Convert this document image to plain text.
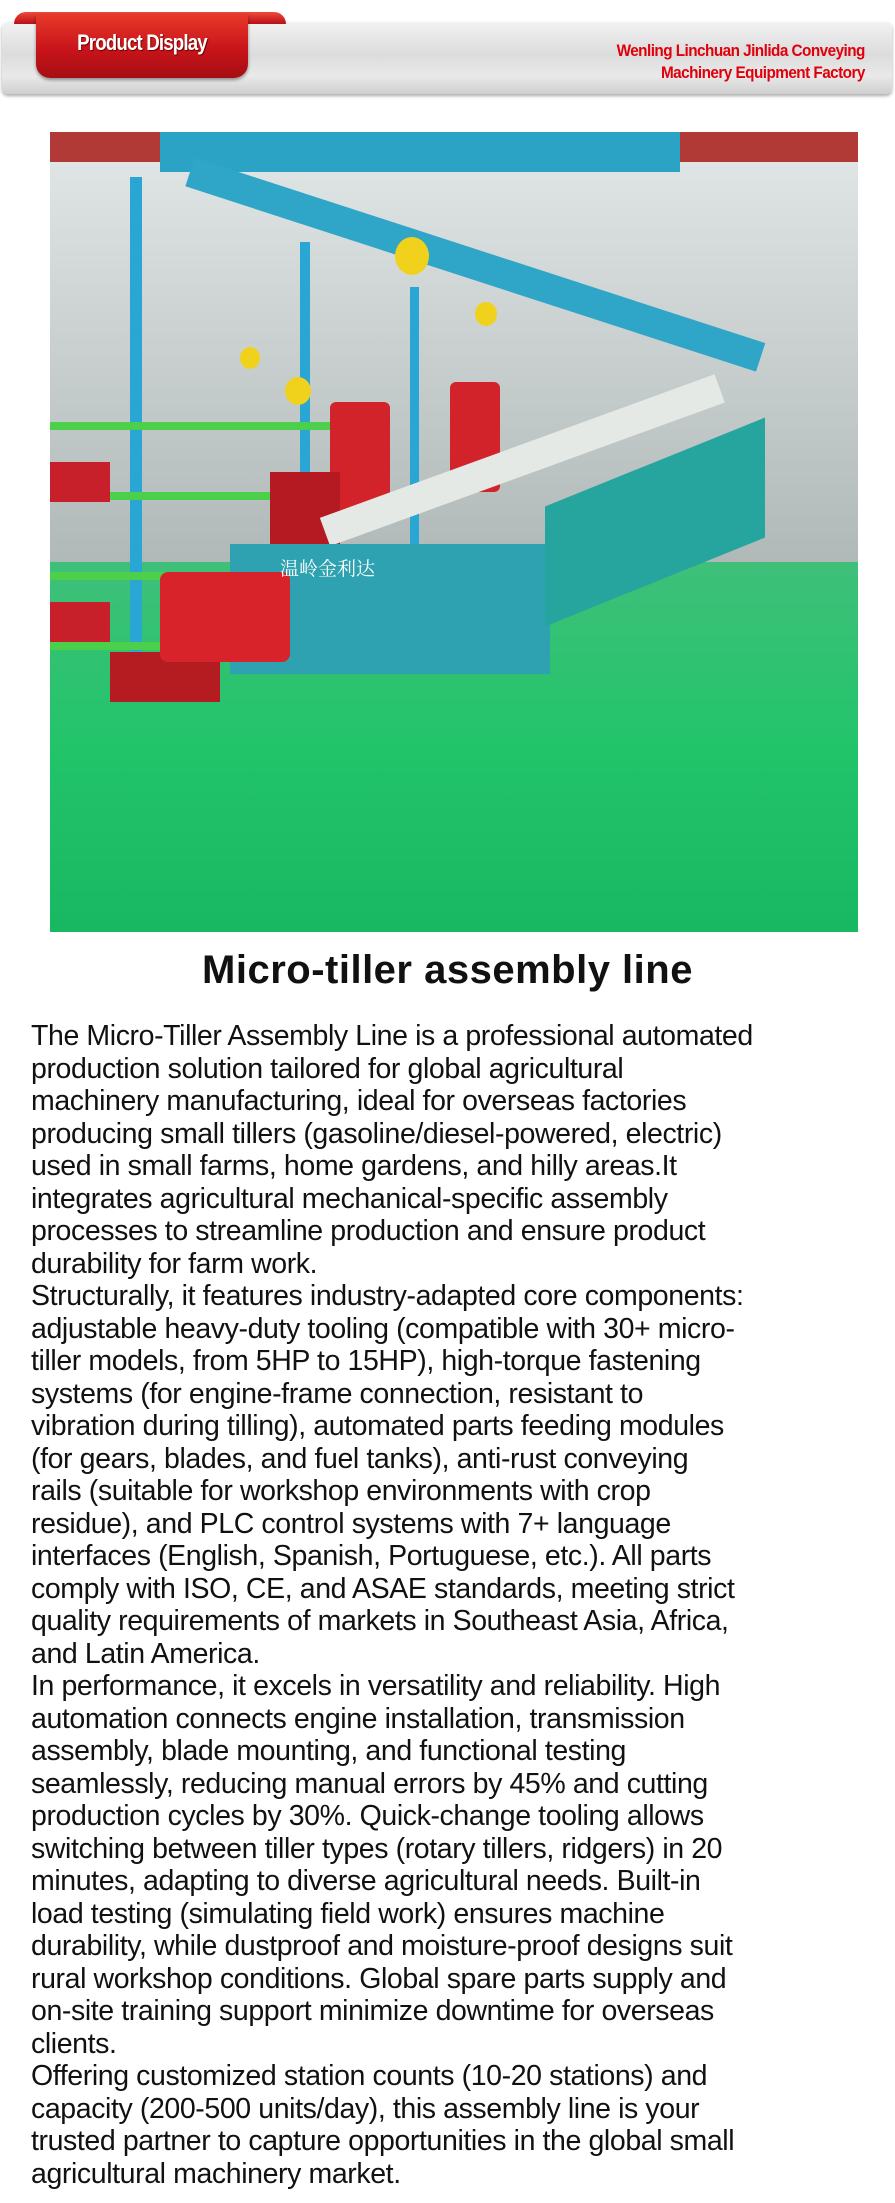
Product Display	Wenling Linchuan Jinlida Conveying
Machinery Equipment Factory
温岭金利达
Micro-tiller assembly line
The Micro-Tiller Assembly Line is a professional automated
production solution tailored for global agricultural
machinery manufacturing, ideal for overseas factories
producing small tillers (gasoline/diesel-powered, electric)
used in small farms, home gardens, and hilly areas.It
integrates agricultural mechanical-specific assembly
processes to streamline production and ensure product
durability for farm work.
Structurally, it features industry-adapted core components:
adjustable heavy-duty tooling (compatible with 30+ micro-
tiller models, from 5HP to 15HP), high-torque fastening
systems (for engine-frame connection, resistant to
vibration during tilling), automated parts feeding modules
(for gears, blades, and fuel tanks), anti-rust conveying
rails (suitable for workshop environments with crop
residue), and PLC control systems with 7+ language
interfaces (English, Spanish, Portuguese, etc.). All parts
comply with ISO, CE, and ASAE standards, meeting strict
quality requirements of markets in Southeast Asia, Africa,
and Latin America.
In performance, it excels in versatility and reliability. High
automation connects engine installation, transmission
assembly, blade mounting, and functional testing
seamlessly, reducing manual errors by 45% and cutting
production cycles by 30%. Quick-change tooling allows
switching between tiller types (rotary tillers, ridgers) in 20
minutes, adapting to diverse agricultural needs. Built-in
load testing (simulating field work) ensures machine
durability, while dustproof and moisture-proof designs suit
rural workshop conditions. Global spare parts supply and
on-site training support minimize downtime for overseas
clients.
Offering customized station counts (10-20 stations) and
capacity (200-500 units/day), this assembly line is your
trusted partner to capture opportunities in the global small
agricultural machinery market.
